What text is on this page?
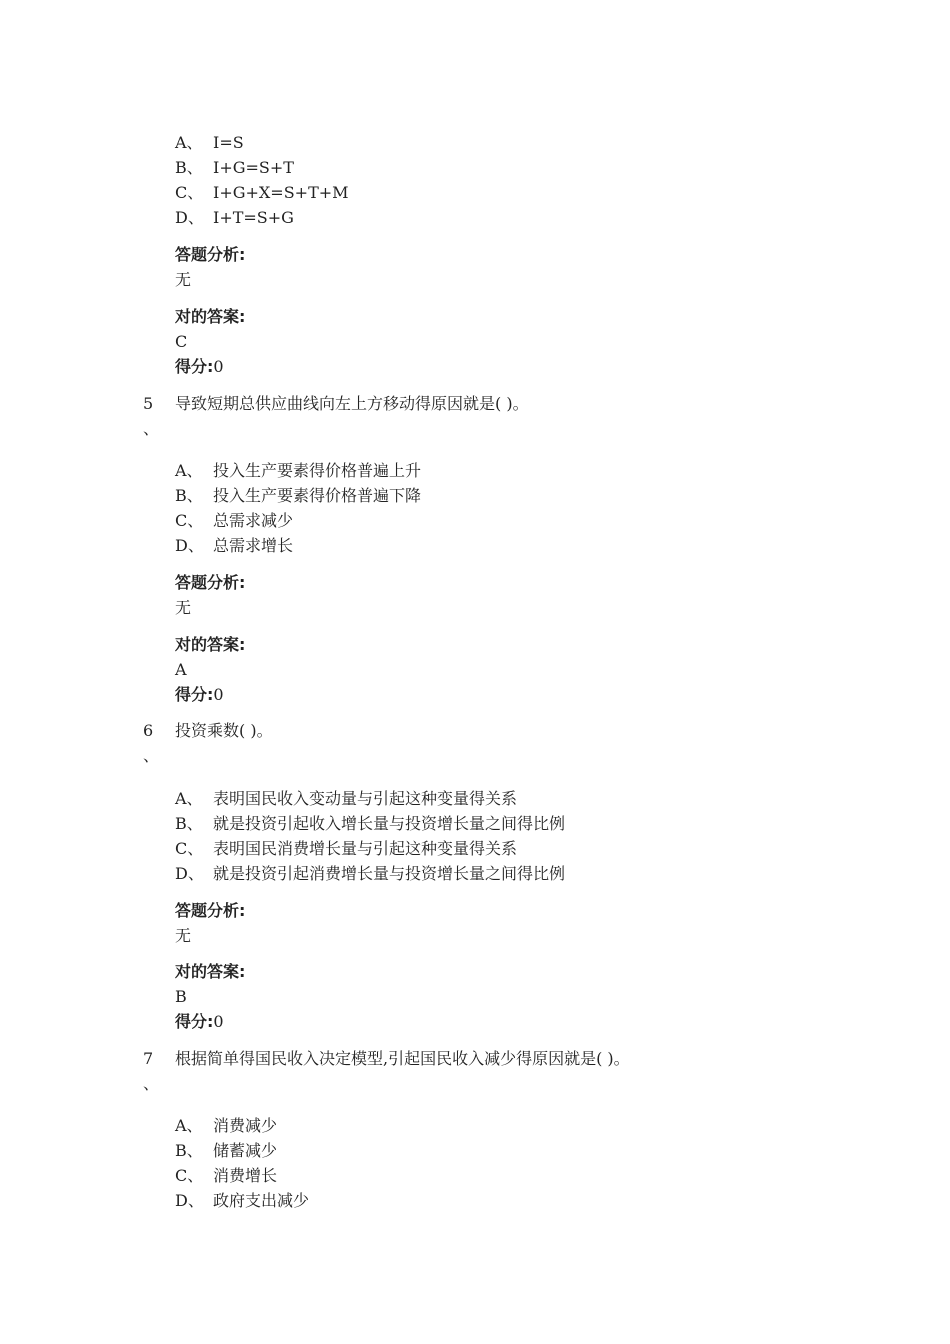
A、 I=S
B、 I+G=S+T
C、 I+G+X=S+T+M
D、 I+T=S+G
答题分析:
无
对的答案:
C
得分:0
5 导致短期总供应曲线向左上方移动得原因就是( )。
、
A、 投入生产要素得价格普遍上升
B、 投入生产要素得价格普遍下降
C、 总需求减少
D、 总需求增长
答题分析:
无
对的答案:
A
得分:0
6 投资乘数( )。
、
A、 表明国民收入变动量与引起这种变量得关系
B、 就是投资引起收入增长量与投资增长量之间得比例
C、 表明国民消费增长量与引起这种变量得关系
D、 就是投资引起消费增长量与投资增长量之间得比例
答题分析:
无
对的答案:
B
得分:0
7 根据简单得国民收入决定模型,引起国民收入减少得原因就是( )。
、
A、 消费减少
B、 储蓄减少
C、 消费增长
D、 政府支出减少
